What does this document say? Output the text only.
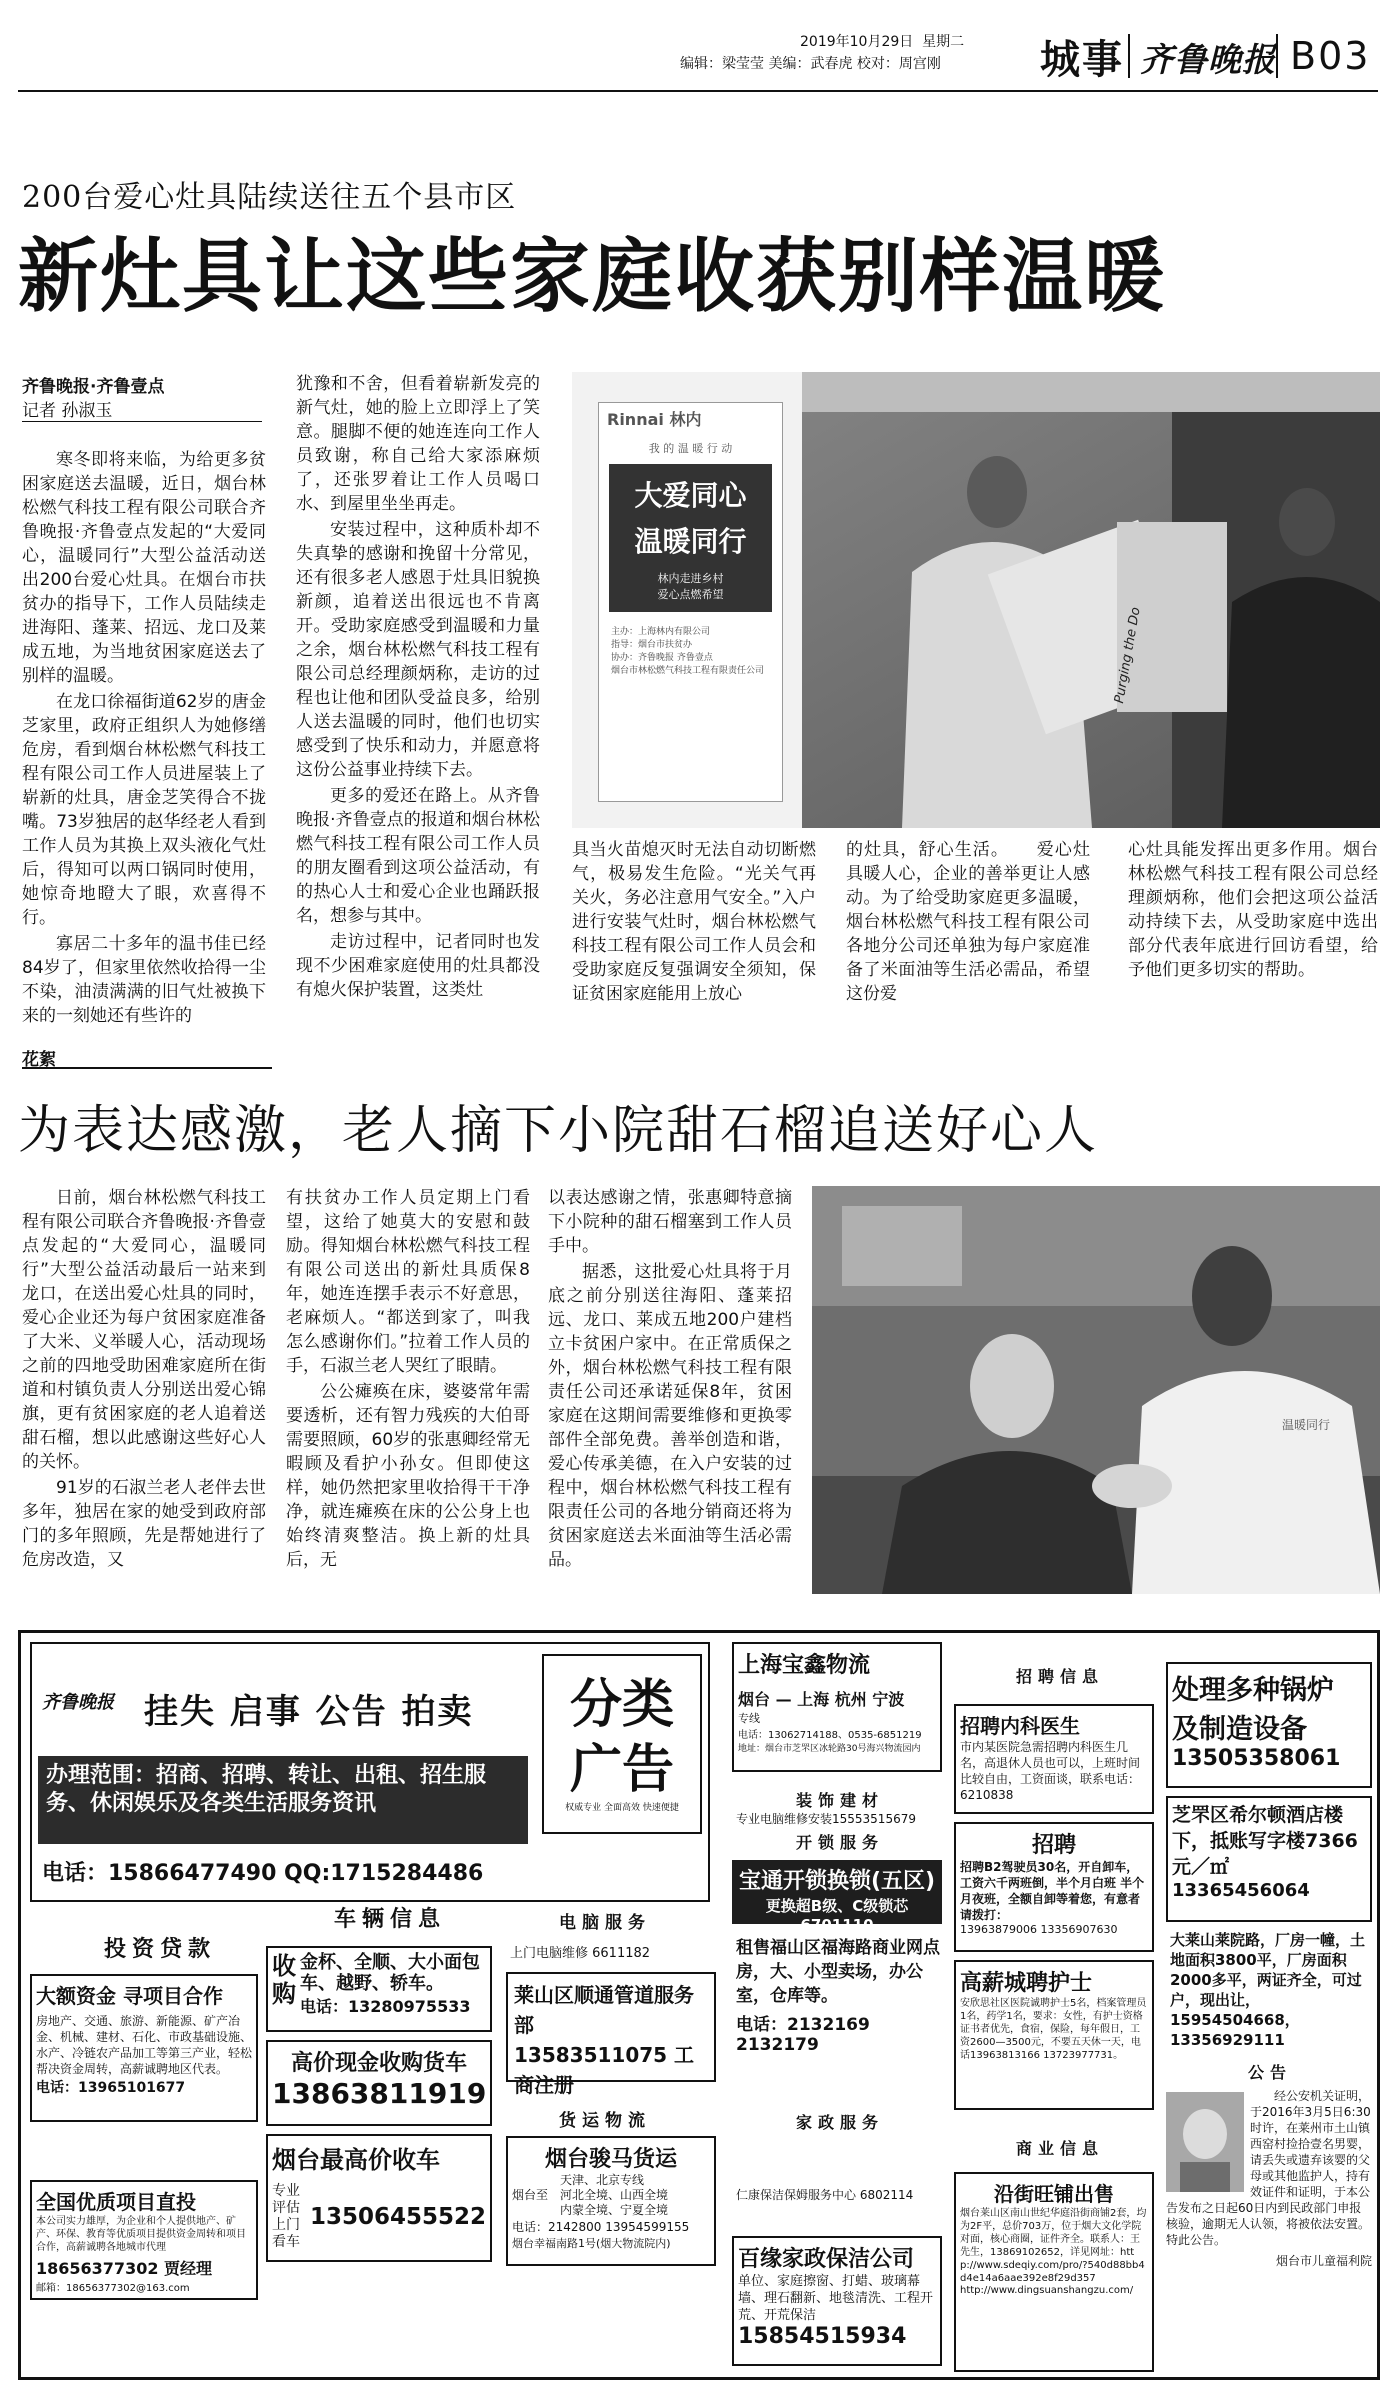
2019年10月29日 星期二
编辑：梁莹莹 美编：武春虎 校对：周宫刚	城事 齐鲁晚报 B03
200台爱心灶具陆续送往五个县市区
新灶具让这些家庭收获别样温暖
齐鲁晚报·齐鲁壹点
记者 孙淑玉

寒冬即将来临，为给更多贫困家庭送去温暖，近日，烟台林松燃气科技工程有限公司联合齐鲁晚报·齐鲁壹点发起的“大爱同心，温暖同行”大型公益活动送出200台爱心灶具。在烟台市扶贫办的指导下，工作人员陆续走进海阳、蓬莱、招远、龙口及莱成五地，为当地贫困家庭送去了别样的温暖。

在龙口徐福街道62岁的唐金芝家里，政府正组织人为她修缮危房，看到烟台林松燃气科技工程有限公司工作人员进屋装上了崭新的灶具，唐金芝笑得合不拢嘴。73岁独居的赵华经老人看到工作人员为其换上双头液化气灶后，得知可以两口锅同时使用，她惊奇地瞪大了眼，欢喜得不行。

寡居二十多年的温书佳已经84岁了，但家里依然收拾得一尘不染，油渍满满的旧气灶被换下来的一刻她还有些许的

犹豫和不舍，但看着崭新发亮的新气灶，她的脸上立即浮上了笑意。腿脚不便的她连连向工作人员致谢，称自己给大家添麻烦了，还张罗着让工作人员喝口水、到屋里坐坐再走。

安装过程中，这种质朴却不失真挚的感谢和挽留十分常见，还有很多老人感恩于灶具旧貌换新颜，追着送出很远也不肯离开。受助家庭感受到温暖和力量之余，烟台林松燃气科技工程有限公司总经理颜炳称，走访的过程也让他和团队受益良多，给别人送去温暖的同时，他们也切实感受到了快乐和动力，并愿意将这份公益事业持续下去。

更多的爱还在路上。从齐鲁晚报·齐鲁壹点的报道和烟台林松燃气科技工程有限公司工作人员的朋友圈看到这项公益活动，有的热心人士和爱心企业也踊跃报名，想参与其中。

走访过程中，记者同时也发现不少困难家庭使用的灶具都没有熄火保护装置，这类灶

Rinnai 林内
我 的 温 暖 行 动
大爱同心
温暖同行
林内走进乡村
爱心点燃希望
主办：上海林内有限公司
指导：烟台市扶贫办
协办：齐鲁晚报 齐鲁壹点
烟台市林松燃气科技工程有限责任公司	Purging the Do

具当火苗熄灭时无法自动切断燃气，极易发生危险。“光关气再关火，务必注意用气安全。”入户进行安装气灶时，烟台林松燃气科技工程有限公司工作人员会和受助家庭反复强调安全须知，保证贫困家庭能用上放心

的灶具，舒心生活。　　爱心灶具暖人心，企业的善举更让人感动。为了给受助家庭更多温暖，烟台林松燃气科技工程有限公司各地分公司还单独为每户家庭准备了米面油等生活必需品，希望这份爱

心灶具能发挥出更多作用。烟台林松燃气科技工程有限公司总经理颜炳称，他们会把这项公益活动持续下去，从受助家庭中选出部分代表年底进行回访看望，给予他们更多切实的帮助。

花絮
为表达感激，老人摘下小院甜石榴追送好心人

日前，烟台林松燃气科技工程有限公司联合齐鲁晚报·齐鲁壹点发起的“大爱同心，温暖同行”大型公益活动最后一站来到龙口，在送出爱心灶具的同时，爱心企业还为每户贫困家庭准备了大米、义举暖人心，活动现场之前的四地受助困难家庭所在街道和村镇负责人分别送出爱心锦旗，更有贫困家庭的老人追着送甜石榴，想以此感谢这些好心人的关怀。

91岁的石淑兰老人老伴去世多年，独居在家的她受到政府部门的多年照顾，先是帮她进行了危房改造，又

有扶贫办工作人员定期上门看望，这给了她莫大的安慰和鼓励。得知烟台林松燃气科技工程有限公司送出的新灶具质保8年，她连连摆手表示不好意思，老麻烦人。“都送到家了，叫我怎么感谢你们。”拉着工作人员的手，石淑兰老人哭红了眼睛。

公公瘫痪在床，婆婆常年需要透析，还有智力残疾的大伯哥需要照顾，60岁的张惠卿经常无暇顾及看护小孙女。但即使这样，她仍然把家里收拾得干干净净，就连瘫痪在床的公公身上也始终清爽整洁。换上新的灶具后，无

以表达感谢之情，张惠卿特意摘下小院种的甜石榴塞到工作人员手中。

据悉，这批爱心灶具将于月底之前分别送往海阳、蓬莱招远、龙口、莱成五地200户建档立卡贫困户家中。在正常质保之外，烟台林松燃气科技工程有限责任公司还承诺延保8年，贫困家庭在这期间需要维修和更换零部件全部免费。善举创造和谐，爱心传承美德，在入户安装的过程中，烟台林松燃气科技工程有限责任公司的各地分销商还将为贫困家庭送去米面油等生活必需品。

温暖同行
齐鲁晚报 挂失 启事 公告 拍卖
办理范围：招商、招聘、转让、出租、招生服务、休闲娱乐及各类生活服务资讯
电话：15866477490 QQ:1715284486
分类
广告
权威专业 全面高效 快速便捷
投资贷款
车辆信息	电脑服务
货运物流
装饰建材
开锁服务
家政服务
招聘信息
商业信息
公告
大额资金 寻项目合作
房地产、交通、旅游、新能源、矿产冶金、机械、建材、石化、市政基础设施、水产、冷链农产品加工等第三产业，轻松帮决资金周转，高薪诚聘地区代表。
电话：13965101677
全国优质项目直投
本公司实力雄厚，为企业和个人提供地产、矿产、环保、教育等优质项目提供资金周转和项目合作，高薪诚聘各地城市代理
18656377302 贾经理
邮箱：18656377302@163.com
收购
金杯、全顺、大小面包车、越野、轿车。
电话：13280975533
高价现金收购货车
13863811919
烟台最高价收车
专业评估
上门看车
13506455522
上门电脑维修 6611182
莱山区顺通管道服务部
13583511075 工商注册
烟台骏马货运
烟台至
天津、北京专线
河北全境、山西全境
内蒙全境、宁夏全境
电话：2142800 13954599155
烟台幸福南路1号(烟大物流院内)
上海宝鑫物流
烟台 — 上海 杭州 宁波
专线
电话：13062714188、0535-6851219
地址：烟台市芝罘区冰轮路30号海兴物流园内
专业电脑维修安装15553515679
宝通开锁换锁(五区)
更换超B级、C级锁芯6701110
租售福山区福海路商业网点房，大、小型卖场，办公室，仓库等。
电话：2132169 2132179
仁康保洁保姆服务中心 6802114
百缘家政保洁公司
单位、家庭擦窗、打蜡、玻璃幕墙、理石翻新、地毯清洗、工程开荒、开荒保洁
15854515934
招聘内科医生
市内某医院急需招聘内科医生几名，高退休人员也可以，上班时间比较自由，工资面谈，联系电话：6210838
招聘
招聘B2驾驶员30名，开自卸车，工资六千两班倒，半个月白班 半个月夜班，全额自卸等着您，有意者请拨打：
13963879006 13356907630
高薪城聘护士
安欣思社区医院诚聘护士5名，档案管理员1名，药学1名，要求：女性，有护士资格证书者优先，食宿，保险，每年假日，工资2600—3500元，不要五天休一天，电话13963813166 13723977731。
沿街旺铺出售
烟台莱山区南山世纪华庭沿街商铺2套，均为2F平，总价703万，位于烟大文化学院对面，核心商圈，证件齐全。联系人：王先生，13869102652，详见网址：http://www.sdeqiy.com/pro/?540d88bb4d4e14a6aae392e8f29d357
http://www.dingsuanshangzu.com/
处理多种锅炉
及制造设备
13505358061
芝罘区希尔顿酒店楼下，抵账写字楼7366元／㎡
13365456064
大莱山莱院路，厂房一幢，土地面积3800平，厂房面积2000多平，两证齐全，可过户，现出让，15954504668，13356929111
经公安机关证明，于2016年3月5日6:30时许，在莱州市土山镇西窑村捡拾壹名男婴，请丢失或遗弃该婴的父母或其他监护人，持有效证件和证明，于本公告发布之日起60日内到民政部门申报核验，逾期无人认领，将被依法安置。特此公告。
烟台市儿童福利院
